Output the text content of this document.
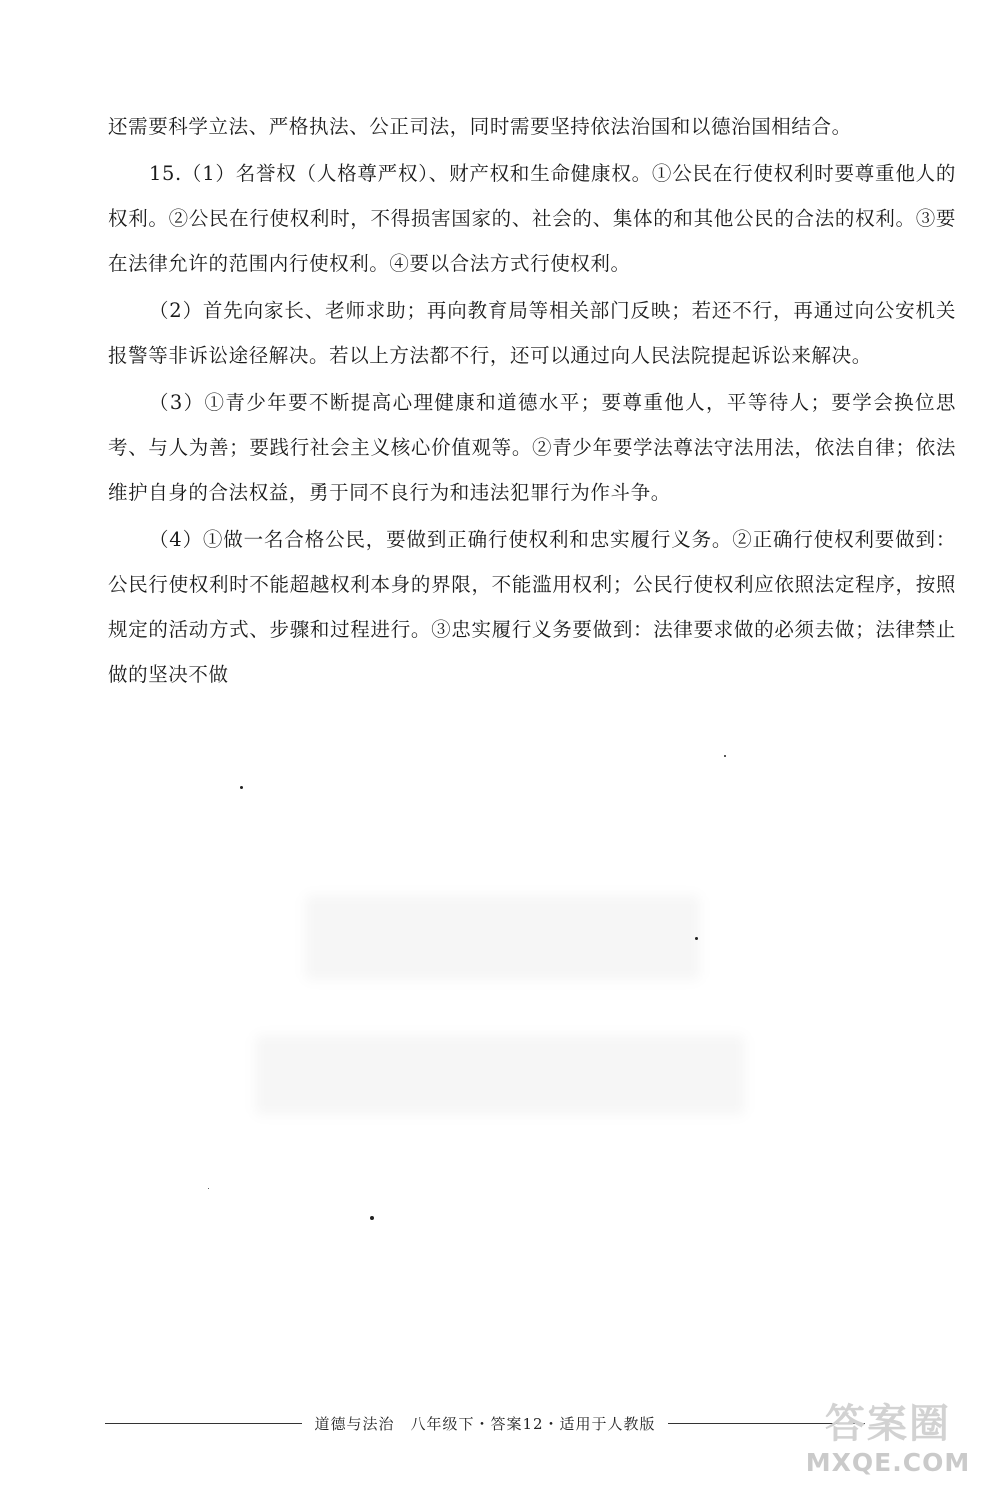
还需要科学立法、严格执法、公正司法，同时需要坚持依法治国和以德治国相结合。

15.（1）名誉权（人格尊严权）、财产权和生命健康权。①公民在行使权利时要尊重他人的权利。②公民在行使权利时，不得损害国家的、社会的、集体的和其他公民的合法的权利。③要在法律允许的范围内行使权利。④要以合法方式行使权利。

（2）首先向家长、老师求助；再向教育局等相关部门反映；若还不行，再通过向公安机关报警等非诉讼途径解决。若以上方法都不行，还可以通过向人民法院提起诉讼来解决。

（3）①青少年要不断提高心理健康和道德水平；要尊重他人，平等待人；要学会换位思考、与人为善；要践行社会主义核心价值观等。②青少年要学法尊法守法用法，依法自律；依法维护自身的合法权益，勇于同不良行为和违法犯罪行为作斗争。

（4）①做一名合格公民，要做到正确行使权利和忠实履行义务。②正确行使权利要做到：公民行使权利时不能超越权利本身的界限，不能滥用权利；公民行使权利应依照法定程序，按照规定的活动方式、步骤和过程进行。③忠实履行义务要做到：法律要求做的必须去做；法律禁止做的坚决不做

道德与法治　八年级下・答案12・适用于人教版	答案圈
MXQE.COM
